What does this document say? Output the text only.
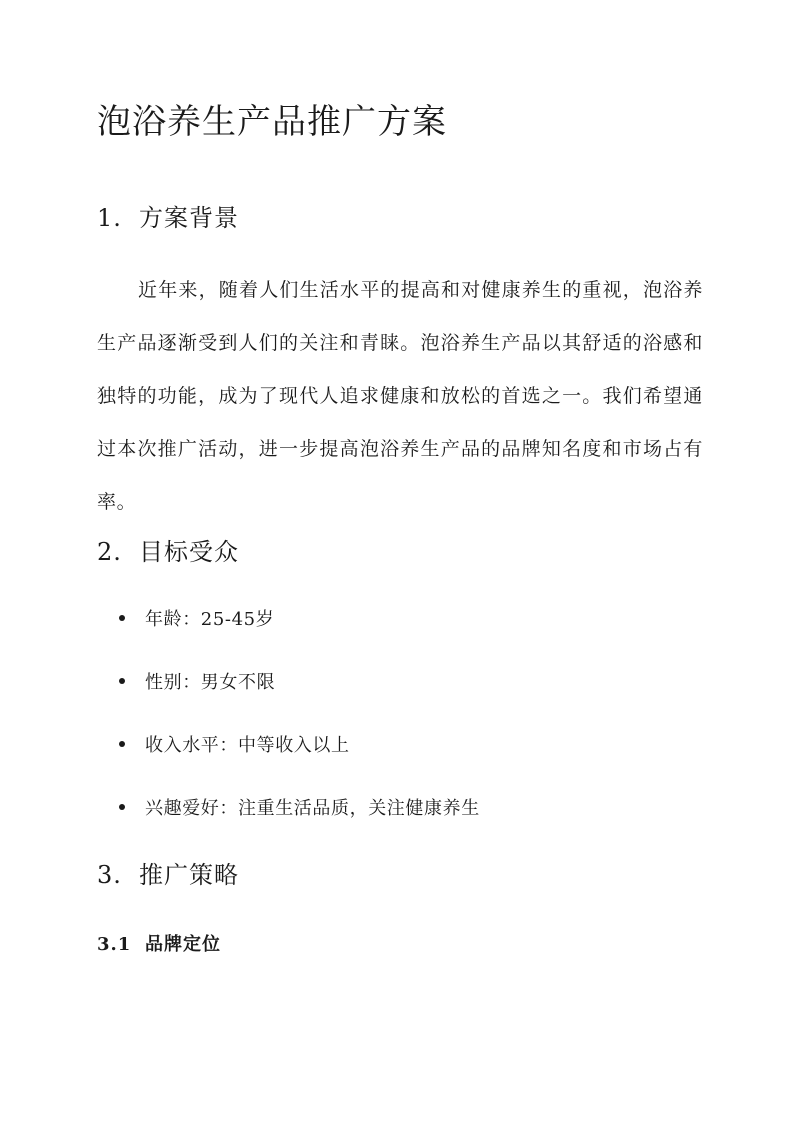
泡浴养生产品推广方案
1. 方案背景
近年来，随着人们生活水平的提高和对健康养生的重视，泡浴养生产品逐渐受到人们的关注和青睐。泡浴养生产品以其舒适的浴感和独特的功能，成为了现代人追求健康和放松的首选之一。我们希望通过本次推广活动，进一步提高泡浴养生产品的品牌知名度和市场占有率。
2. 目标受众
年龄：25-45岁
性别：男女不限
收入水平：中等收入以上
兴趣爱好：注重生活品质，关注健康养生
3. 推广策略
3.1 品牌定位
